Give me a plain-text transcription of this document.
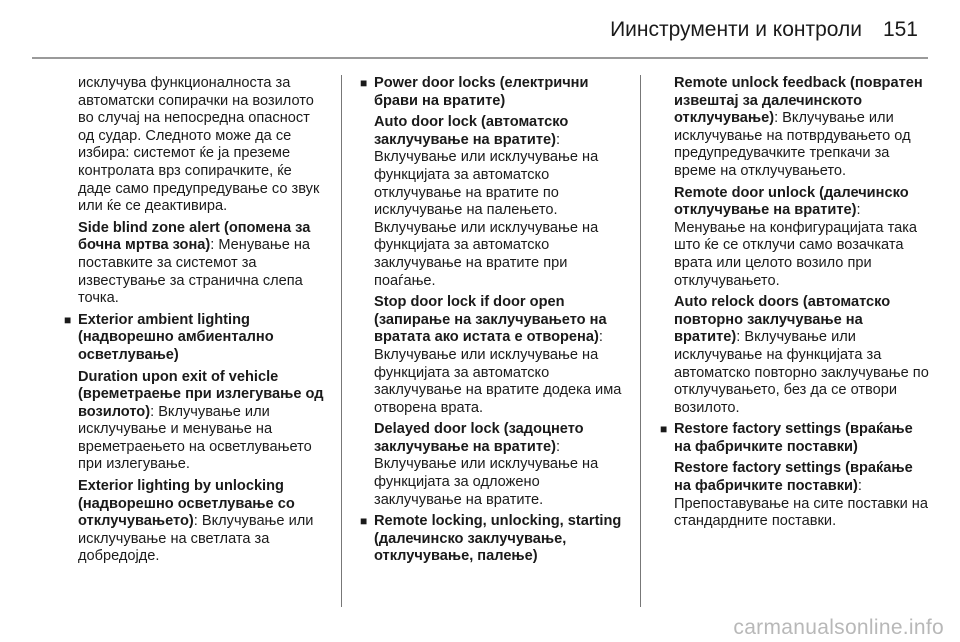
Иинструменти и контроли 151

исклучува функционалноста за автоматски сопирачки на возилото во случај на непосредна опасност од судар. Следното може да се избира: системот ќе ја преземе контролата врз сопирачките, ќе даде само предупредување со звук или ќе се деактивира.

Side blind zone alert (опомена за бочна мртва зона): Менување на поставките за системот за известување за странична слепа точка.

■ Exterior ambient lighting (надворешно амбиентално осветлување)

Duration upon exit of vehicle (времетраење при излегување од возилото): Вклучување или исклучување и менување на времетраењето на осветлувањето при излегување.

Exterior lighting by unlocking (надворешно осветлување со отклучувањето): Вклучување или исклучување на светлата за добредојде.

■ Power door locks (електрични брави на вратите)

Auto door lock (автоматско заклучување на вратите): Вклучување или исклучување на функцијата за автоматско отклучување на вратите по исклучување на палењето. Вклучување или исклучување на функцијата за автоматско заклучување на вратите при поаѓање.

Stop door lock if door open (запирање на заклучувањето на вратата ако истата е отворена): Вклучување или исклучување на функцијата за автоматско заклучување на вратите додека има отворена врата.

Delayed door lock (задоцнето заклучување на вратите): Вклучување или исклучување на функцијата за одложено заклучување на вратите.

■ Remote locking, unlocking, starting (далечинско заклучување, отклучување, палење)

Remote unlock feedback (повратен извештај за далечинското отклучување): Вклучување или исклучување на потврдувањето од предупредувачките трепкачи за време на отклучувањето.

Remote door unlock (далечинско отклучување на вратите): Менување на конфигурацијата така што ќе се отклучи само возачката врата или целото возило при отклучувањето.

Auto relock doors (автоматско повторно заклучување на вратите): Вклучување или исклучување на функцијата за автоматско повторно заклучување по отклучувањето, без да се отвори возилото.

■ Restore factory settings (враќање на фабричките поставки)

Restore factory settings (враќање на фабричките поставки): Препоставување на сите поставки на стандардните поставки.

carmanualsonline.info
